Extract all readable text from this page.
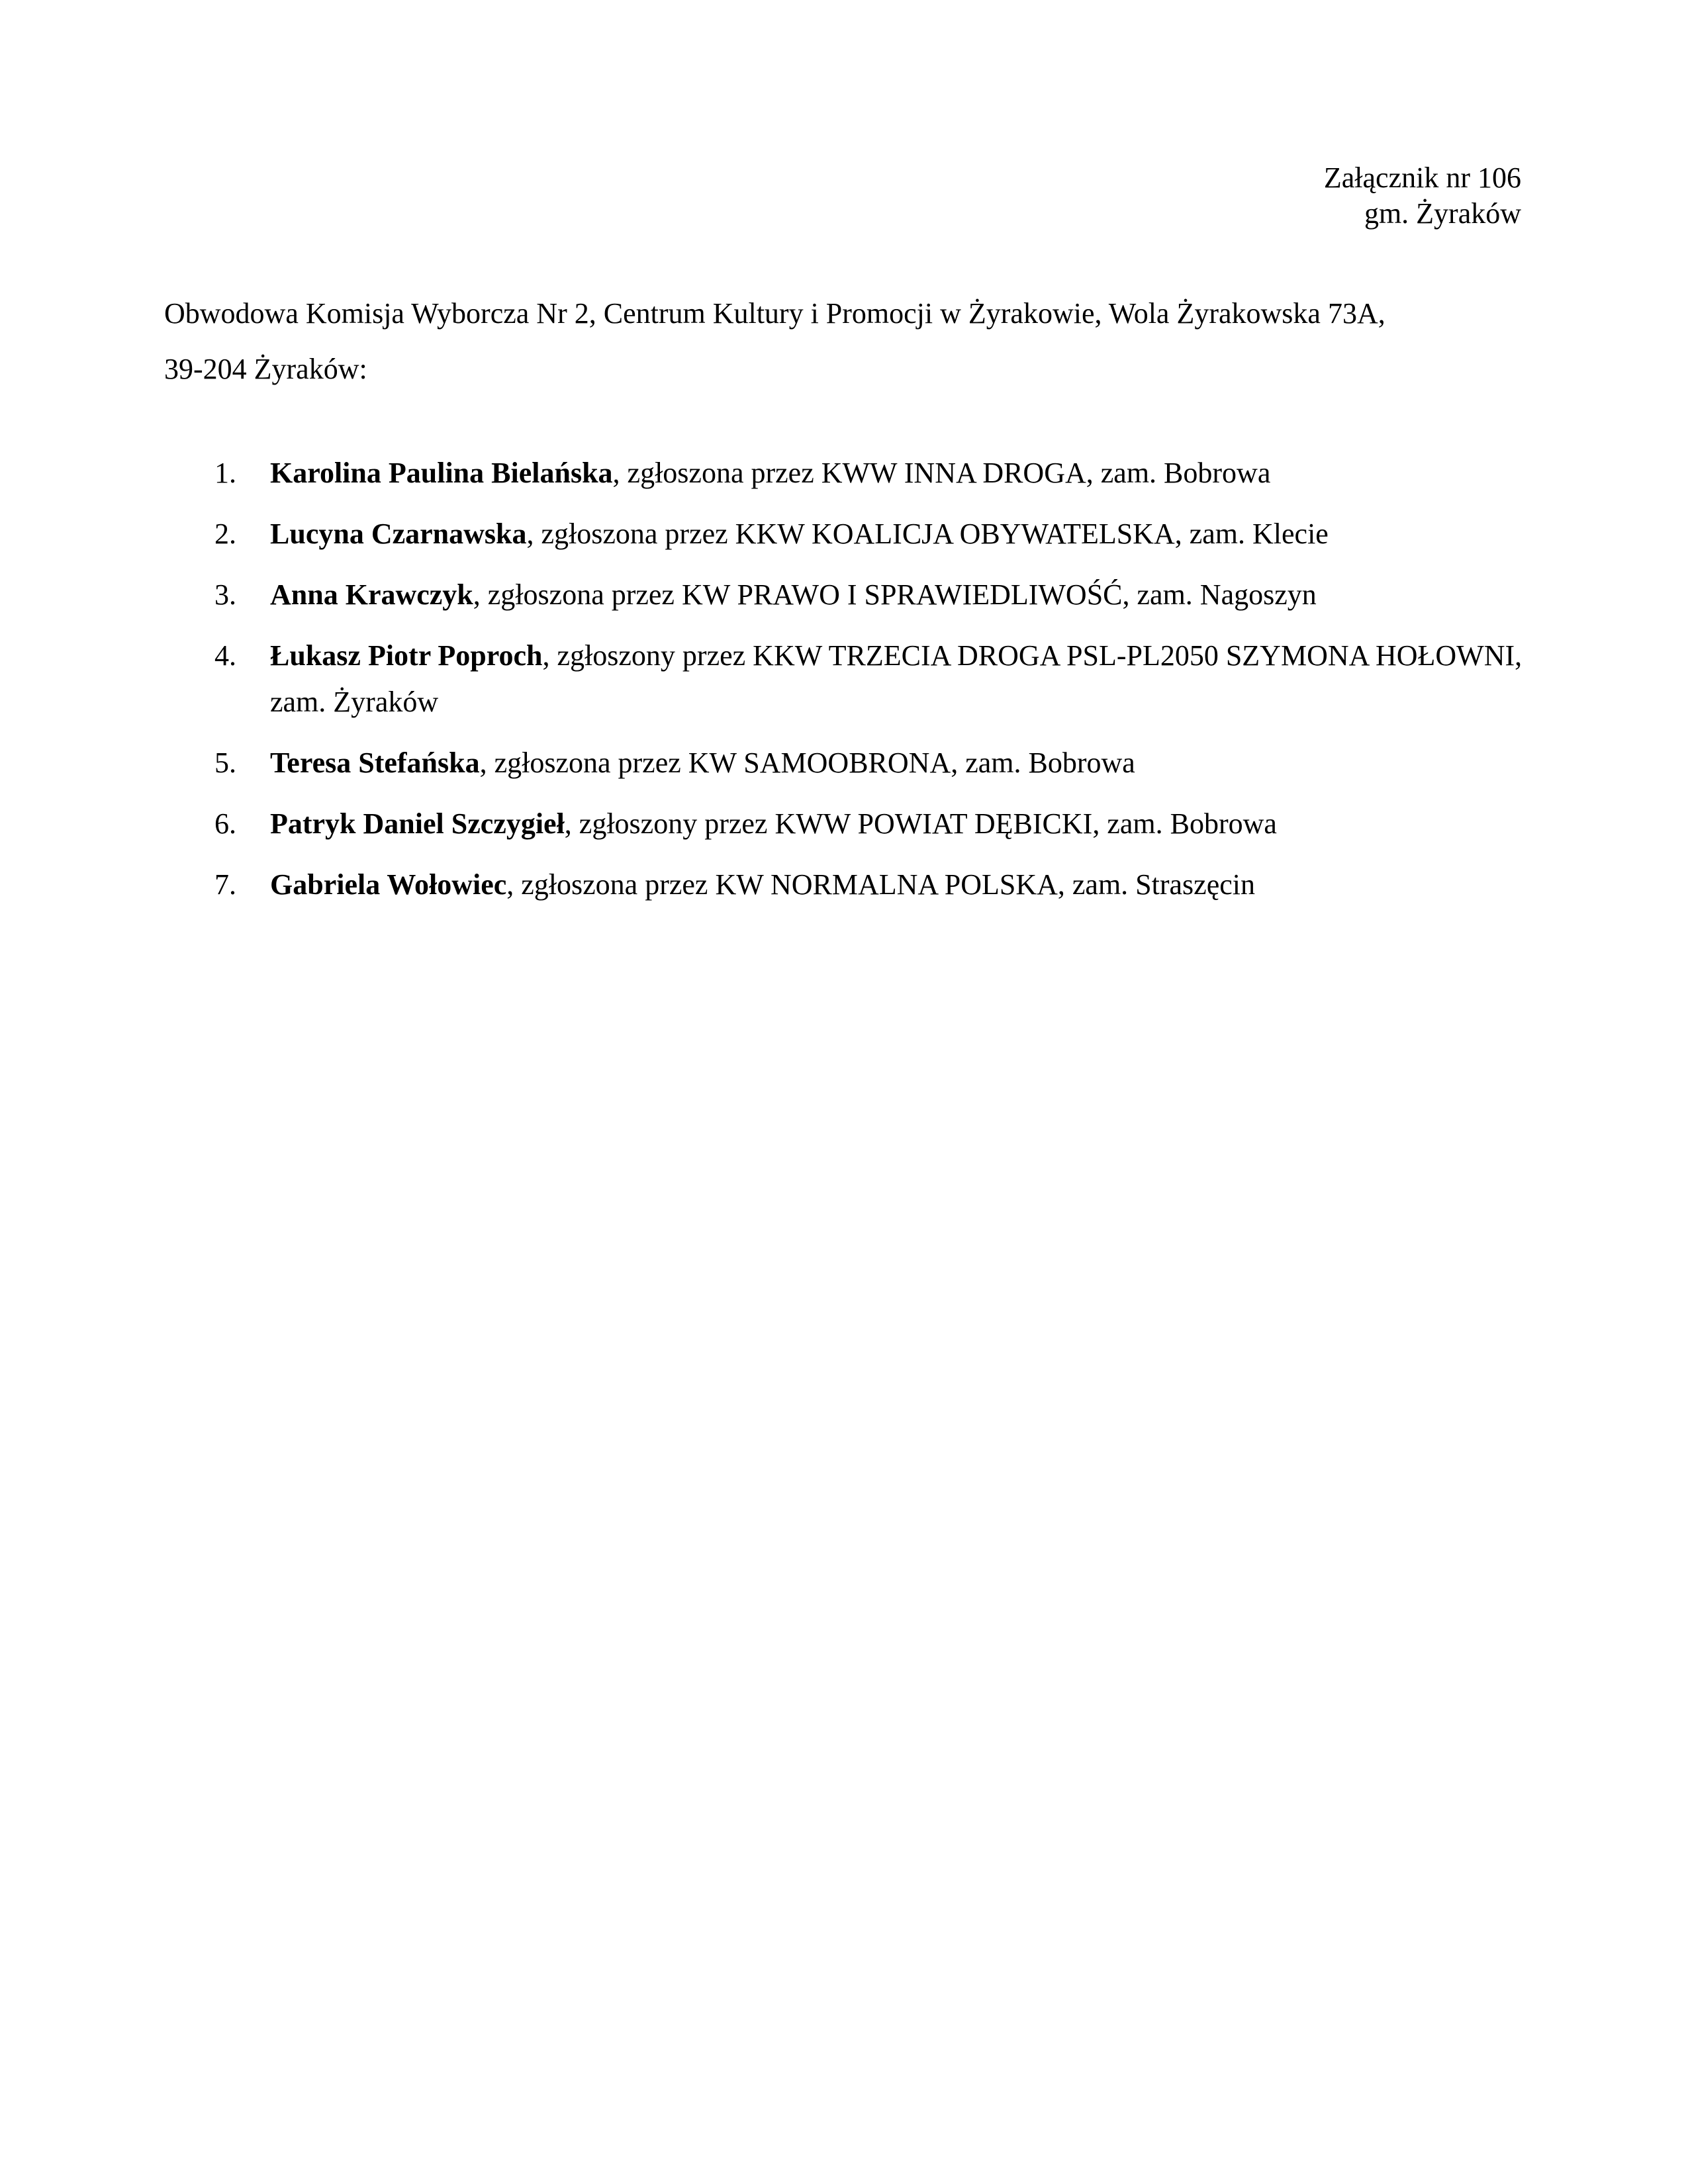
Załącznik nr 106
gm. Żyraków
Obwodowa Komisja Wyborcza Nr 2, Centrum Kultury i Promocji w Żyrakowie, Wola Żyrakowska 73A,
39-204 Żyraków:
1. Karolina Paulina Bielańska, zgłoszona przez KWW INNA DROGA, zam. Bobrowa
2. Lucyna Czarnawska, zgłoszona przez KKW KOALICJA OBYWATELSKA, zam. Klecie
3. Anna Krawczyk, zgłoszona przez KW PRAWO I SPRAWIEDLIWOŚĆ, zam. Nagoszyn
4. Łukasz Piotr Poproch, zgłoszony przez KKW TRZECIA DROGA PSL-PL2050 SZYMONA HOŁOWNI, zam. Żyraków
5. Teresa Stefańska, zgłoszona przez KW SAMOOBRONA, zam. Bobrowa
6. Patryk Daniel Szczygieł, zgłoszony przez KWW POWIAT DĘBICKI, zam. Bobrowa
7. Gabriela Wołowiec, zgłoszona przez KW NORMALNA POLSKA, zam. Straszęcin
